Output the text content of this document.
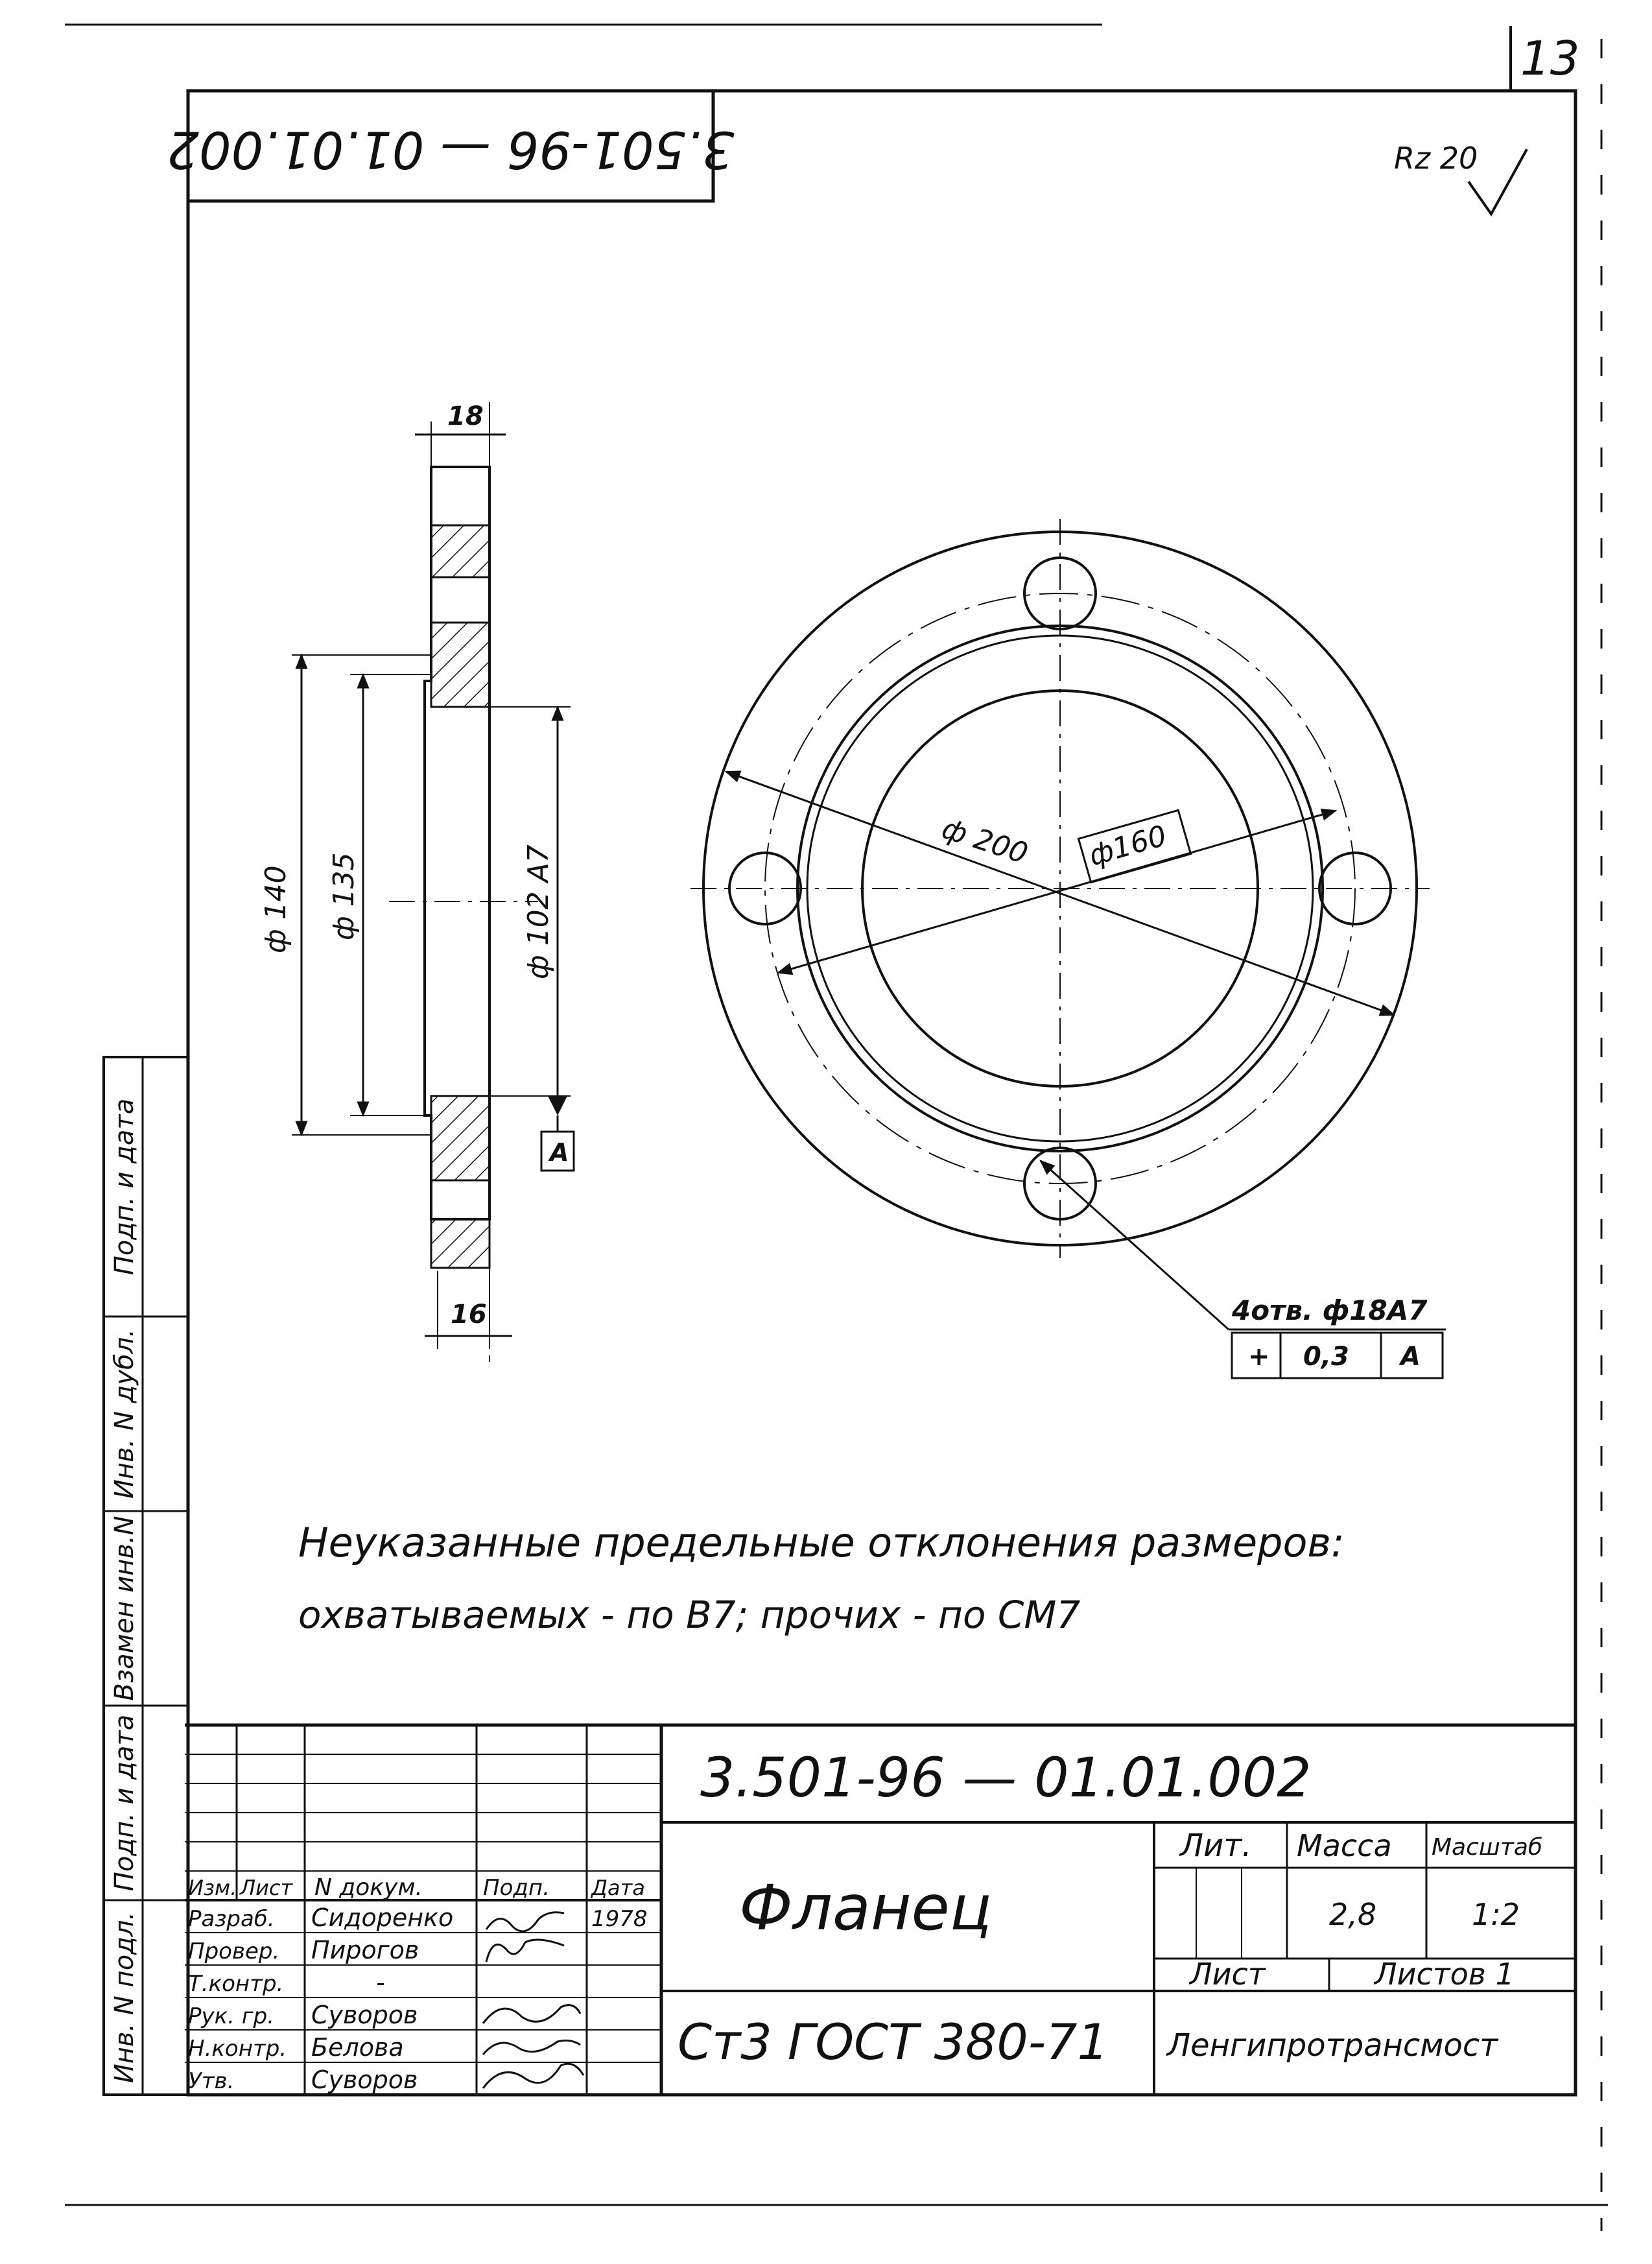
13
3.501-96 — 01.01.002	Rz 20
18
16
ф 140 ф 135	ф 102 А7
А
ф 200 ф160
4отв. ф18А7
+ 0,3 А
Неуказанные предельные отклонения размеров:
охватываемых - по В7; прочих - по СМ7
Инв. N подл.
Подп. и дата
Взамен инв.N
Инв. N дубл.
Подп. и дата
Изм. Лист N докум.	Подп. Дата
Разраб. Сидоренко	1978
Провер. Пирогов
Т.контр.	-
Рук. гр. Суворов
Н.контр. Белова
Утв.	Суворов
3.501-96 — 01.01.002
Фланец
Ст3 ГОСТ 380-71 Ленгипротрансмост
Лит. Масса Масштаб
2,8	1:2
Лист	Листов 1
